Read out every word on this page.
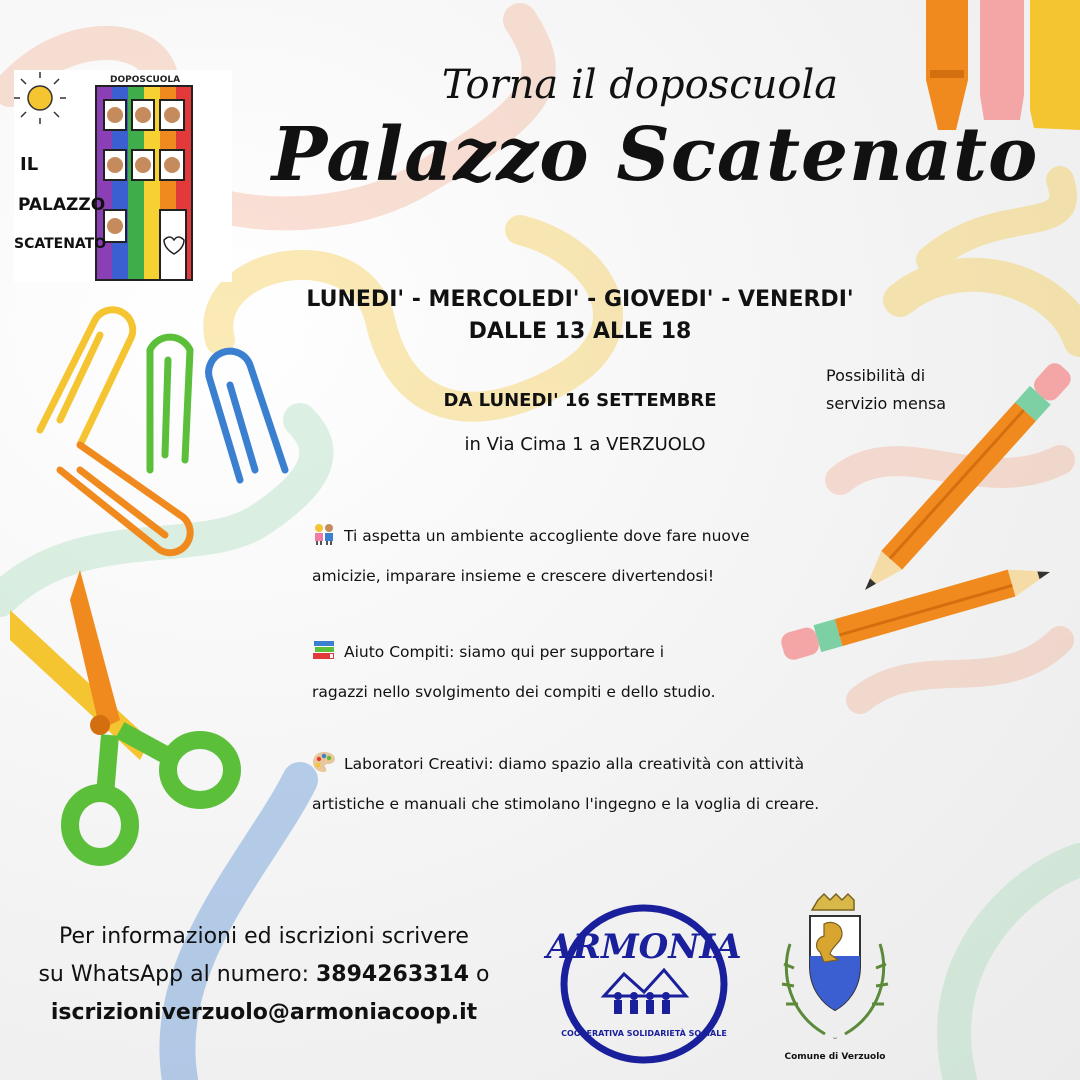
DOPOSCUOLA
IL
PALAZZO
SCATENATO
Torna il doposcuola
Palazzo Scatenato
LUNEDI' - MERCOLEDI' - GIOVEDI' - VENERDI'
DALLE 13 ALLE 18
DA LUNEDI' 16 SETTEMBRE
in Via Cima 1 a VERZUOLO
Possibilità di
servizio mensa
Ti aspetta un ambiente accogliente dove fare nuove
amicizie, imparare insieme e crescere divertendosi!
Aiuto Compiti: siamo qui per supportare i
ragazzi nello svolgimento dei compiti e dello studio.
Laboratori Creativi: diamo spazio alla creatività con attività
artistiche e manuali che stimolano l'ingegno e la voglia di creare.
Per informazioni ed iscrizioni scrivere
su WhatsApp al numero: 3894263314 o
iscrizioniverzuolo@armoniacoop.it
ARMONIA
COOPERATIVA SOLIDARIETÀ SOCIALE	⌣
Comune di Verzuolo
